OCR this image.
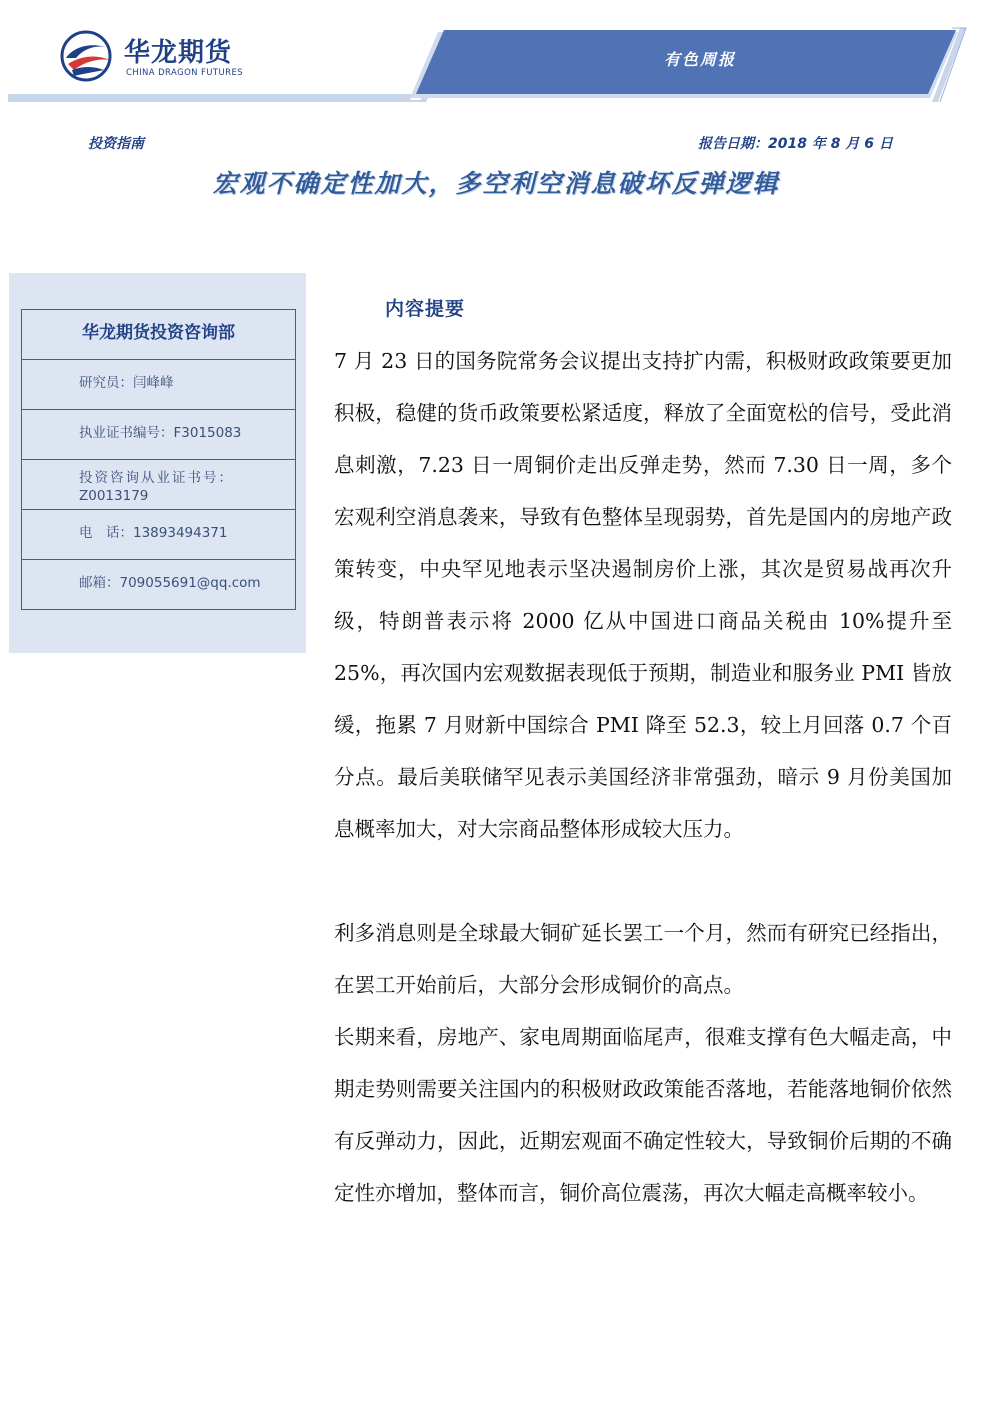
华龙期货
CHINA DRAGON FUTURES
有色周报
投资指南	报告日期：2018 年 8 月 6 日
宏观不确定性加大，多空利空消息破坏反弹逻辑
华龙期货投资咨询部
研究员：闫峰峰
执业证书编号：F3015083
投资咨询从业证书号：
Z0013179
电　话：13893494371
邮箱：709055691@qq.com
内容提要
7 月 23 日的国务院常务会议提出支持扩内需，积极财政政策要更加积极，稳健的货币政策要松紧适度，释放了全面宽松的信号，受此消息刺激，7.23 日一周铜价走出反弹走势，然而 7.30 日一周，多个宏观利空消息袭来，导致有色整体呈现弱势，首先是国内的房地产政策转变，中央罕见地表示坚决遏制房价上涨，其次是贸易战再次升级，特朗普表示将 2000 亿从中国进口商品关税由 10%提升至 25%，再次国内宏观数据表现低于预期，制造业和服务业 PMI 皆放缓，拖累 7 月财新中国综合 PMI 降至 52.3，较上月回落 0.7 个百分点。最后美联储罕见表示美国经济非常强劲，暗示 9 月份美国加息概率加大，对大宗商品整体形成较大压力。
利多消息则是全球最大铜矿延长罢工一个月，然而有研究已经指出，在罢工开始前后，大部分会形成铜价的高点。
长期来看，房地产、家电周期面临尾声，很难支撑有色大幅走高，中期走势则需要关注国内的积极财政政策能否落地，若能落地铜价依然有反弹动力，因此，近期宏观面不确定性较大，导致铜价后期的不确定性亦增加，整体而言，铜价高位震荡，再次大幅走高概率较小。
